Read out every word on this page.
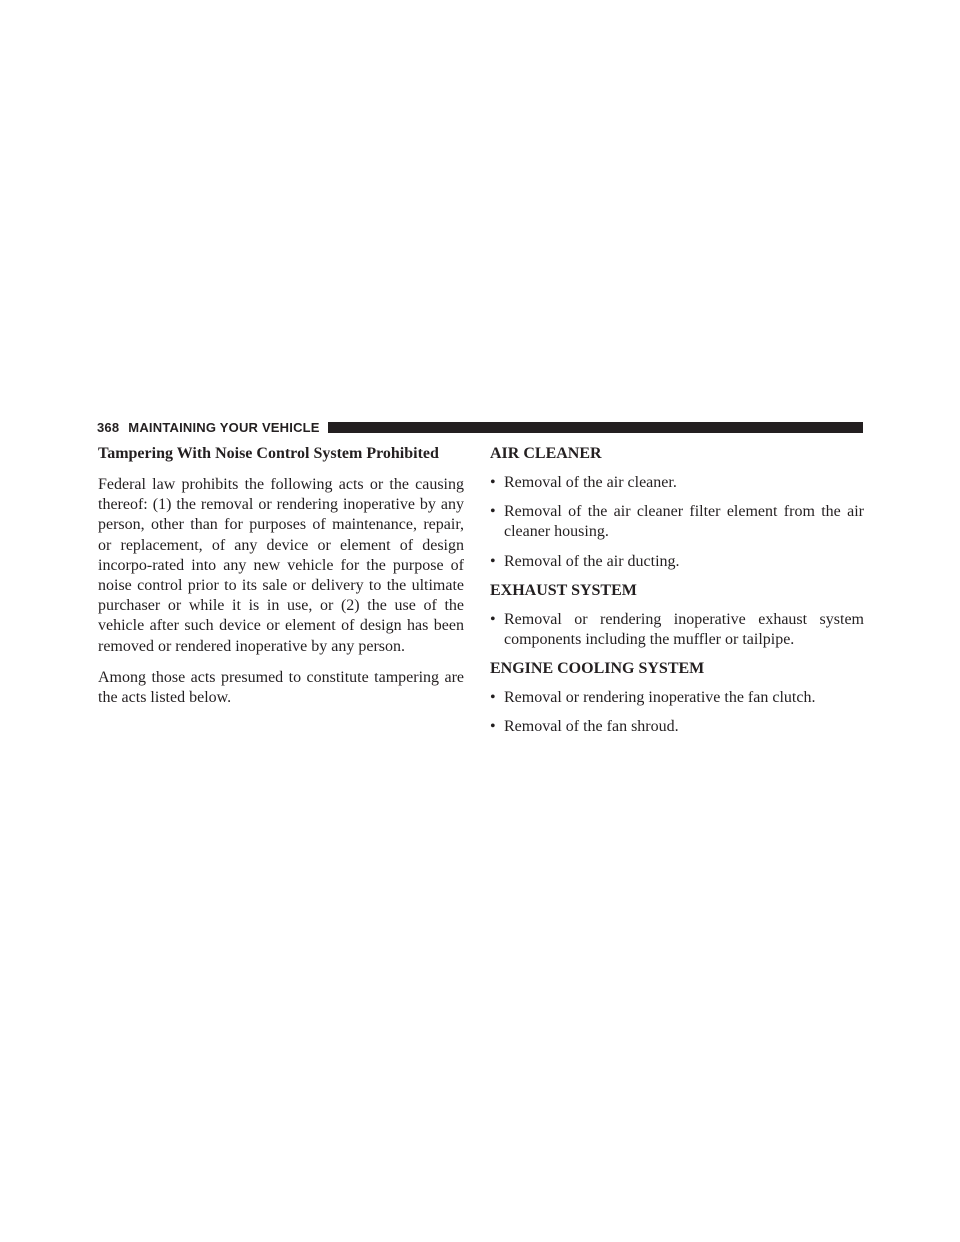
368 MAINTAINING YOUR VEHICLE
Tampering With Noise Control System Prohibited

Federal law prohibits the following acts or the causing thereof: (1) the removal or rendering inoperative by any person, other than for purposes of maintenance, repair, or replacement, of any device or element of design incorpo-rated into any new vehicle for the purpose of noise control prior to its sale or delivery to the ultimate purchaser or while it is in use, or (2) the use of the vehicle after such device or element of design has been removed or rendered inoperative by any person.

Among those acts presumed to constitute tampering are the acts listed below.

AIR CLEANER
• Removal of the air cleaner.
• Removal of the air cleaner filter element from the air cleaner housing.
• Removal of the air ducting.
EXHAUST SYSTEM
• Removal or rendering inoperative exhaust system components including the muffler or tailpipe.
ENGINE COOLING SYSTEM
• Removal or rendering inoperative the fan clutch.
• Removal of the fan shroud.
